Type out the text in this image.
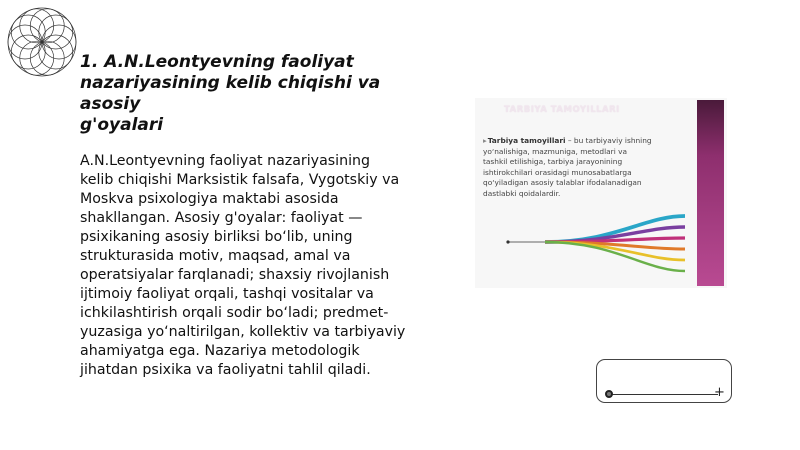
1. A.N.Leontyevning faoliyat
nazariyasining kelib chiqishi va asosiy
g'oyalari
A.N.Leontyevning faoliyat nazariyasining
kelib chiqishi Marksistik falsafa, Vygotskiy va
Moskva psixologiya maktabi asosida
shakllangan. Asosiy g'oyalar: faoliyat —
psixikaning asosiy birliksi bo‘lib, uning
strukturasida motiv, maqsad, amal va
operatsiyalar farqlanadi; shaxsiy rivojlanish
ijtimoiy faoliyat orqali, tashqi vositalar va
ichkilashtirish orqali sodir bo‘ladi; predmet-
yuzasiga yo‘naltirilgan, kollektiv va tarbiyaviy
ahamiyatga ega. Nazariya metodologik
jihatdan psixika va faoliyatni tahlil qiladi.
TARBIYA TAMOYILLARI
▸Tarbiya tamoyillari – bu tarbiyaviy ishning
yo‘nalishiga, mazmuniga, metodlari va
tashkil etilishiga, tarbiya jarayonining
ishtirokchilari orasidagi munosabatlarga
qo‘yiladigan asosiy talablar ifodalanadigan
dastlabki qoidalardir.
+
